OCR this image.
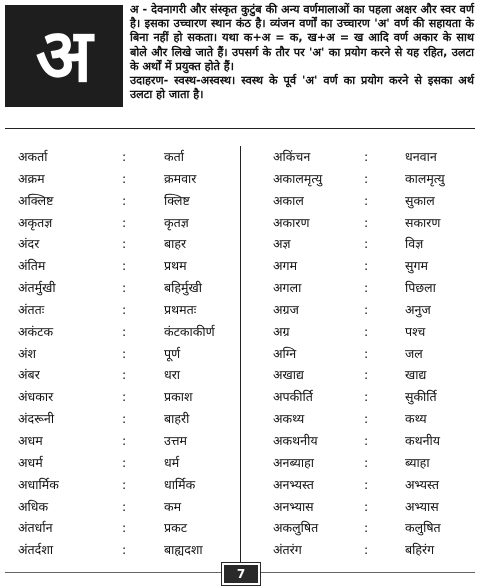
अ

अ - देवनागरी और संस्कृत कुटुंब की अन्य वर्णमालाओं का पहला अक्षर और स्वर वर्ण है। इसका उच्चारण स्थान कंठ है। व्यंजन वर्णों का उच्चारण 'अ' वर्ण की सहायता के बिना नहीं हो सकता। यथा क+अ = क, ख+अ = ख आदि वर्ण अकार के साथ बोले और लिखे जाते हैं। उपसर्ग के तौर पर 'अ' का प्रयोग करने से यह रहित, उलटा के अर्थों में प्रयुक्त होते हैं।

उदाहरण- स्वस्थ-अस्वस्थ। स्वस्थ के पूर्व 'अ' वर्ण का प्रयोग करने से इसका अर्थ उलटा हो जाता है।

अकर्ता	:	कर्ता
अक्रम	:	क्रमवार
अक्लिष्ट	:	क्लिष्ट
अकृतज्ञ	:	कृतज्ञ
अंदर	:	बाहर
अंतिम	:	प्रथम
अंतर्मुखी	:	बहिर्मुखी
अंततः	:	प्रथमतः
अकंटक	:	कंटकाकीर्ण
अंश	:	पूर्ण
अंबर	:	धरा
अंधकार	:	प्रकाश
अंदरूनी	:	बाहरी
अधम	:	उत्तम
अधर्म	:	धर्म
अधार्मिक	:	धार्मिक
अधिक	:	कम
अंतर्धान	:	प्रकट
अंतर्दशा	:	बाह्यदशा
अकिंचन	:	धनवान
अकालमृत्यु	:	कालमृत्यु
अकाल	:	सुकाल
अकारण	:	सकारण
अज्ञ	:	विज्ञ
अगम	:	सुगम
अगला	:	पिछला
अग्रज	:	अनुज
अग्र	:	पश्च
अग्नि	:	जल
अखाद्य	:	खाद्य
अपकीर्ति	:	सुकीर्ति
अकथ्य	:	कथ्य
अकथनीय	:	कथनीय
अनब्याहा	:	ब्याहा
अनभ्यस्त	:	अभ्यस्त
अनभ्यास	:	अभ्यास
अकलुषित	:	कलुषित
अंतरंग	:	बहिरंग
7
